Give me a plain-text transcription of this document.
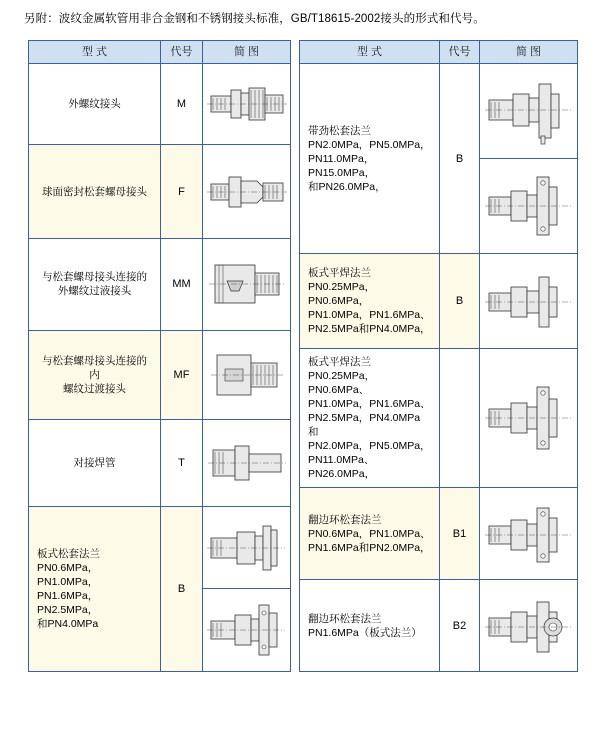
另附：波纹金属软管用非合金钢和不锈钢接头标准，GB/T18615-2002接头的形式和代号。
型 式	代号	简 图

外螺纹接头	M	

球面密封松套螺母接头	F	

与松套螺母接头连接的
外螺纹过液接头	MM	

与松套螺母接头连接的内
螺纹过渡接头	MF	

对接焊管	T	

板式松套法兰
PN0.6MPa，PN1.0MPa，
PN1.6MPa，PN2.5MPa，
和PN4.0MPa	B	

型 式	代号	简 图

带劲松套法兰
PN2.0MPa，PN5.0MPa，
PN11.0MPa，PN15.0MPa，
和PN26.0MPa，	B	

板式平焊法兰
PN0.25MPa，PN0.6MPa，
PN1.0MPa，PN1.6MPa、
PN2.5MPa和PN4.0MPa，	B	

板式平焊法兰
PN0.25MPa，PN0.6MPa、
PN1.0MPa，PN1.6MPa、
PN2.5MPa，PN4.0MPa 和
PN2.0MPa，PN5.0MPa，
PN11.0MPa、PN26.0MPa，

翻边环松套法兰
PN0.6MPa，PN1.0MPa、
PN1.6MPa和PN2.0MPa，	B1	

翻边环松套法兰
PN1.6MPa（板式法兰）	B2	
